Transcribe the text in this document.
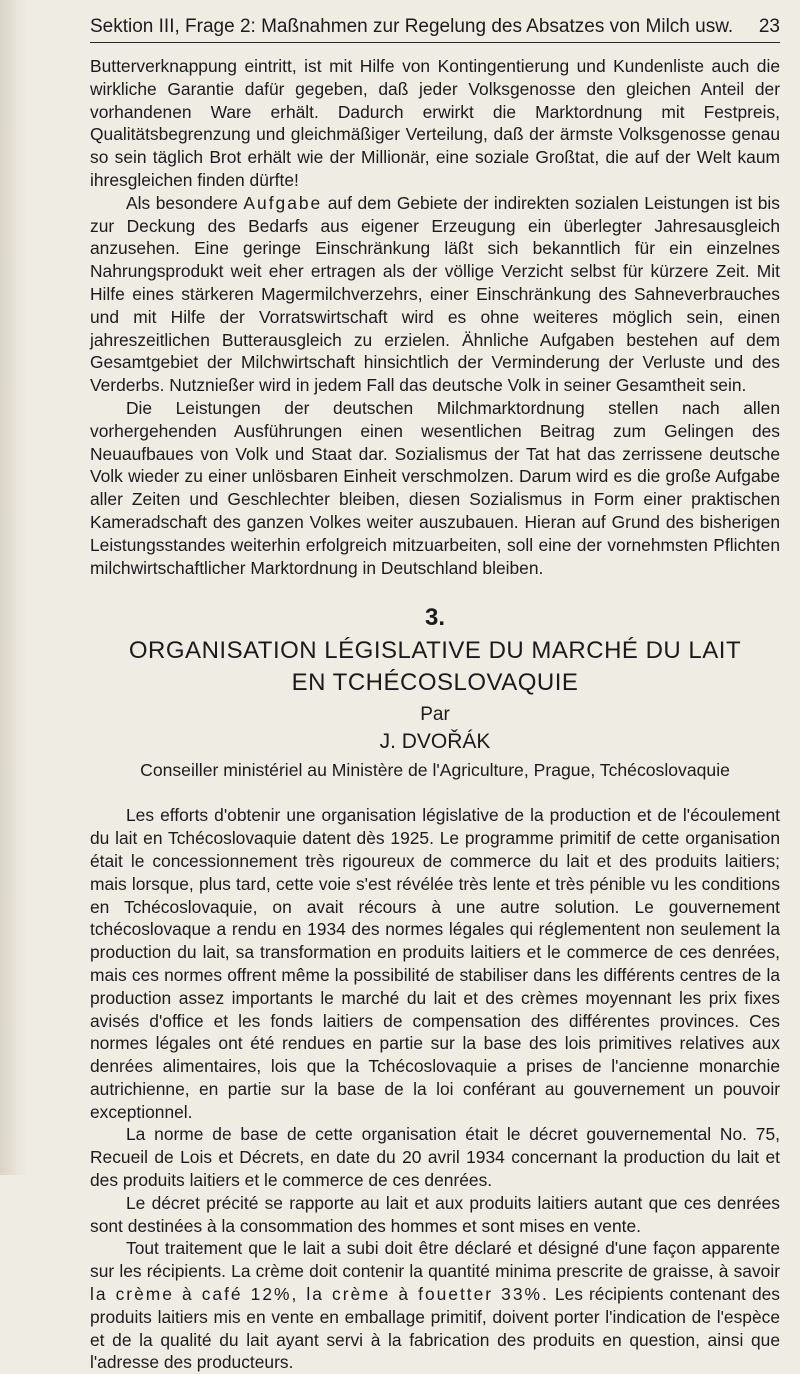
Sektion III, Frage 2: Maßnahmen zur Regelung des Absatzes von Milch usw. 23

Butterverknappung eintritt, ist mit Hilfe von Kontingentierung und Kundenliste auch die wirkliche Garantie dafür gegeben, daß jeder Volksgenosse den gleichen Anteil der vorhandenen Ware erhält. Dadurch erwirkt die Marktordnung mit Festpreis, Qualitätsbegrenzung und gleichmäßiger Verteilung, daß der ärmste Volksgenosse genau so sein täglich Brot erhält wie der Millionär, eine soziale Großtat, die auf der Welt kaum ihresgleichen finden dürfte!

Als besondere Aufgabe auf dem Gebiete der indirekten sozialen Leistungen ist bis zur Deckung des Bedarfs aus eigener Erzeugung ein überlegter Jahresausgleich anzusehen. Eine geringe Einschränkung läßt sich bekanntlich für ein einzelnes Nahrungsprodukt weit eher ertragen als der völlige Verzicht selbst für kürzere Zeit. Mit Hilfe eines stärkeren Magermilchverzehrs, einer Einschränkung des Sahneverbrauches und mit Hilfe der Vorratswirtschaft wird es ohne weiteres möglich sein, einen jahreszeitlichen Butterausgleich zu erzielen. Ähnliche Aufgaben bestehen auf dem Gesamtgebiet der Milchwirtschaft hinsichtlich der Verminderung der Verluste und des Verderbs. Nutznießer wird in jedem Fall das deutsche Volk in seiner Gesamtheit sein.

Die Leistungen der deutschen Milchmarktordnung stellen nach allen vorhergehenden Ausführungen einen wesentlichen Beitrag zum Gelingen des Neuaufbaues von Volk und Staat dar. Sozialismus der Tat hat das zerrissene deutsche Volk wieder zu einer unlösbaren Einheit verschmolzen. Darum wird es die große Aufgabe aller Zeiten und Geschlechter bleiben, diesen Sozialismus in Form einer praktischen Kameradschaft des ganzen Volkes weiter auszubauen. Hieran auf Grund des bisherigen Leistungsstandes weiterhin erfolgreich mitzuarbeiten, soll eine der vornehmsten Pflichten milchwirtschaftlicher Marktordnung in Deutschland bleiben.

3.
ORGANISATION LÉGISLATIVE DU MARCHÉ DU LAIT
EN TCHÉCOSLOVAQUIE
Par
J. DVOŘÁK
Conseiller ministériel au Ministère de l'Agriculture, Prague, Tchécoslovaquie

Les efforts d'obtenir une organisation législative de la production et de l'écoulement du lait en Tchécoslovaquie datent dès 1925. Le programme primitif de cette organisation était le concessionnement très rigoureux de commerce du lait et des produits laitiers; mais lorsque, plus tard, cette voie s'est révélée très lente et très pénible vu les conditions en Tchécoslovaquie, on avait récours à une autre solution. Le gouvernement tchécoslovaque a rendu en 1934 des normes légales qui réglementent non seulement la production du lait, sa transformation en produits laitiers et le commerce de ces denrées, mais ces normes offrent même la possibilité de stabiliser dans les différents centres de la production assez importants le marché du lait et des crèmes moyennant les prix fixes avisés d'office et les fonds laitiers de compensation des différentes provinces. Ces normes légales ont été rendues en partie sur la base des lois primitives relatives aux denrées alimentaires, lois que la Tchécoslovaquie a prises de l'ancienne monarchie autrichienne, en partie sur la base de la loi conférant au gouvernement un pouvoir exceptionnel.

La norme de base de cette organisation était le décret gouvernemental No. 75, Recueil de Lois et Décrets, en date du 20 avril 1934 concernant la production du lait et des produits laitiers et le commerce de ces denrées.

Le décret précité se rapporte au lait et aux produits laitiers autant que ces denrées sont destinées à la consommation des hommes et sont mises en vente.

Tout traitement que le lait a subi doit être déclaré et désigné d'une façon apparente sur les récipients. La crème doit contenir la quantité minima prescrite de graisse, à savoir la crème à café 12%, la crème à fouetter 33%. Les récipients contenant des produits laitiers mis en vente en emballage primitif, doivent porter l'indication de l'espèce et de la qualité du lait ayant servi à la fabrication des produits en question, ainsi que l'adresse des producteurs.
